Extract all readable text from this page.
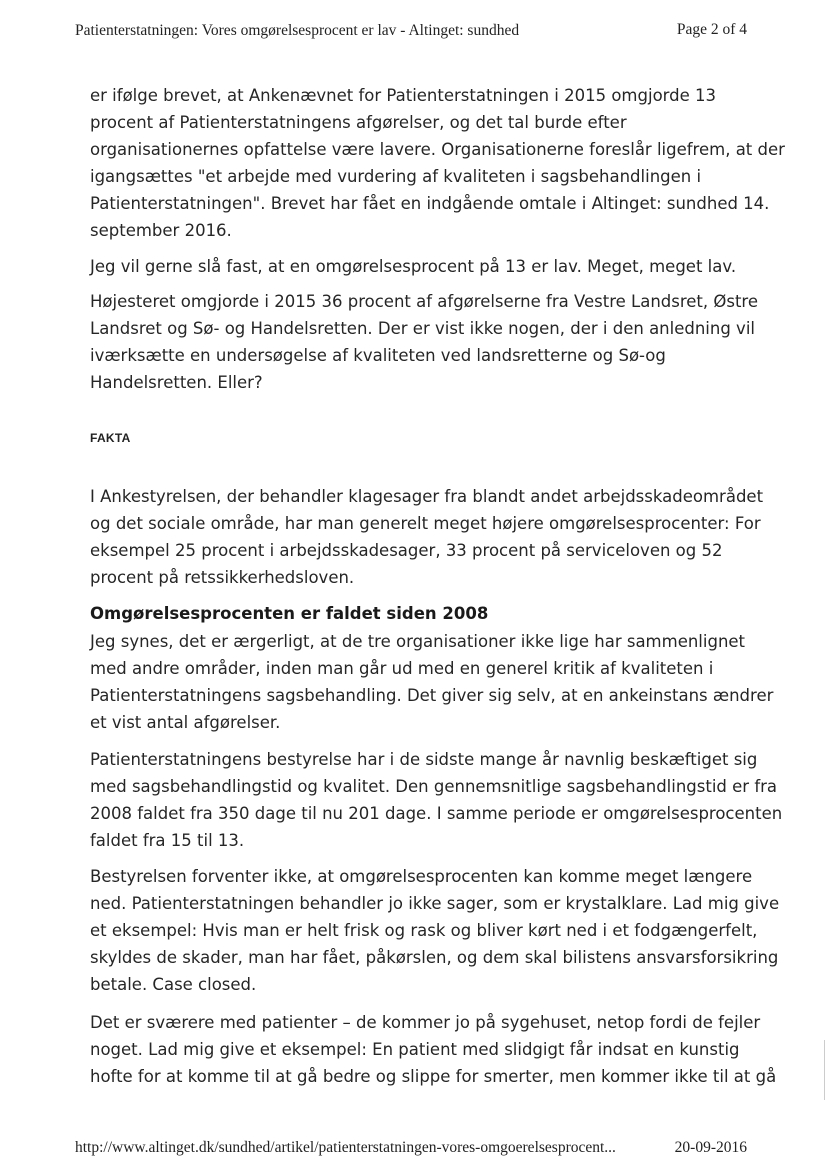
Patienterstatningen: Vores omgørelsesprocent er lav - Altinget: sundhed	Page 2 of 4
er ifølge brevet, at Ankenævnet for Patienterstatningen i 2015 omgjorde 13
procent af Patienterstatningens afgørelser, og det tal burde efter
organisationernes opfattelse være lavere. Organisationerne foreslår ligefrem, at der
igangsættes "et arbejde med vurdering af kvaliteten i sagsbehandlingen i
Patienterstatningen". Brevet har fået en indgående omtale i Altinget: sundhed 14.
september 2016.
Jeg vil gerne slå fast, at en omgørelsesprocent på 13 er lav. Meget, meget lav.
Højesteret omgjorde i 2015 36 procent af afgørelserne fra Vestre Landsret, Østre
Landsret og Sø- og Handelsretten. Der er vist ikke nogen, der i den anledning vil
iværksætte en undersøgelse af kvaliteten ved landsretterne og Sø-og
Handelsretten. Eller?
FAKTA
I Ankestyrelsen, der behandler klagesager fra blandt andet arbejdsskadeområdet
og det sociale område, har man generelt meget højere omgørelsesprocenter: For
eksempel 25 procent i arbejdsskadesager, 33 procent på serviceloven og 52
procent på retssikkerhedsloven.
Omgørelsesprocenten er faldet siden 2008
Jeg synes, det er ærgerligt, at de tre organisationer ikke lige har sammenlignet
med andre områder, inden man går ud med en generel kritik af kvaliteten i
Patienterstatningens sagsbehandling. Det giver sig selv, at en ankeinstans ændrer
et vist antal afgørelser.
Patienterstatningens bestyrelse har i de sidste mange år navnlig beskæftiget sig
med sagsbehandlingstid og kvalitet. Den gennemsnitlige sagsbehandlingstid er fra
2008 faldet fra 350 dage til nu 201 dage. I samme periode er omgørelsesprocenten
faldet fra 15 til 13.
Bestyrelsen forventer ikke, at omgørelsesprocenten kan komme meget længere
ned. Patienterstatningen behandler jo ikke sager, som er krystalklare. Lad mig give
et eksempel: Hvis man er helt frisk og rask og bliver kørt ned i et fodgængerfelt,
skyldes de skader, man har fået, påkørslen, og dem skal bilistens ansvarsforsikring
betale. Case closed.
Det er sværere med patienter – de kommer jo på sygehuset, netop fordi de fejler
noget. Lad mig give et eksempel: En patient med slidgigt får indsat en kunstig
hofte for at komme til at gå bedre og slippe for smerter, men kommer ikke til at gå
http://www.altinget.dk/sundhed/artikel/patienterstatningen-vores-omgoerelsesprocent...	20-09-2016
